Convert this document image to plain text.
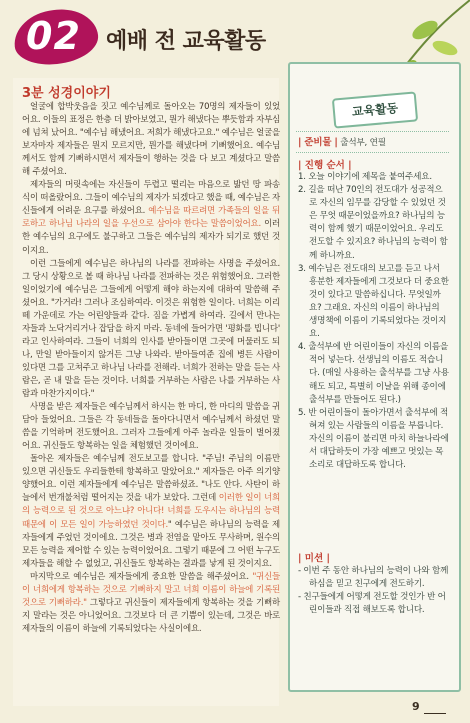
02 예배 전 교육활동
3분 성경이야기

얼굴에 합박웃음을 짓고 예수님께로 돌아오는 70명의 제자들이 있었어요. 이들의 표정은 한층 더 밝아보였고, 뭔가 해냈다는 뿌듯함과 자부심에 넘쳐 났어요. "예수님 해냈어요. 저희가 해냈다고요." 예수님은 얼굴을 보자마자 제자들은 뭔지 모르지만, 뭔가를 해냈다며 기뻐했어요. 예수님께서도 함께 기뻐하시면서 제자들이 행하는 것을 다 보고 계셨다고 말씀해 주셨어요.

제자들의 머릿속에는 자신들이 두렵고 떨리는 마음으로 밟던 땅 파송식이 떠올랐어요. 그들이 예수님의 제자가 되겠다고 했을 때, 예수님은 자신들에게 어려운 요구를 하셨어요. 예수님을 따르려면 가족들의 일을 뒤로하고 하나님 나라의 일을 우선으로 삼아야 한다는 말씀이었어요. 이러한 예수님의 요구에도 불구하고 그들은 예수님의 제자가 되기로 했던 것이지요.

이런 그들에게 예수님은 하나님의 나라를 전파하는 사명을 주셨어요. 그 당시 상황으로 볼 때 하나님 나라를 전파하는 것은 위험했어요. 그러한 일이었기에 예수님은 그들에게 어떻게 해야 하는지에 대하여 말씀해 주셨어요. "가거라! 그러나 조심하여라. 이것은 위험한 일이다. 너희는 이리떼 가운데로 가는 어린양들과 같다. 짐을 가볍게 하여라. 길에서 만나는 자들과 노닥거리거나 잡담을 하지 마라. 동네에 들어가면 '평화를 빕니다' 라고 인사하여라. 그들이 너희의 인사를 받아들이면 그곳에 머물러도 되나, 만일 받아들이지 않거든 그냥 나와라. 받아들여준 집에 병든 사람이 있다면 그를 고쳐주고 하나님 나라를 전해라. 너희가 전하는 말을 듣는 사람은, 곧 내 말을 듣는 것이다. 너희를 거부하는 사람은 나를 거부하는 사람과 마찬가지이다."

사명을 받은 제자들은 예수님께서 하시는 한 마디, 한 마디의 말씀을 귀담아 들었어요. 그들은 각 동네들을 돌아다니면서 예수님께서 하셨던 말씀을 기억하며 전도했어요. 그러자 그들에게 아주 놀라운 일들이 벌어졌어요. 귀신들도 항복하는 일을 체험했던 것이에요.

돌아온 제자들은 예수님께 전도보고를 합니다. "주님! 주님의 이름만 있으면 귀신들도 우리들한테 항복하고 말았어요." 제자들은 아주 의기양양했어요. 이런 제자들에게 예수님은 말씀하셨죠. "나도 안다. 사탄이 하늘에서 번개불처럼 떨어지는 것을 내가 보았다. 그런데 이러한 일이 너희의 능력으로 된 것으로 아느냐? 아니다! 너희를 도우시는 하나님의 능력 때문에 이 모든 일이 가능하였던 것이다." 예수님은 하나님의 능력을 제자들에게 주었던 것이에요. 그것은 병과 전염을 맡아도 무사하며, 원수의 모든 능력을 제어할 수 있는 능력이었어요. 그렇기 때문에 그 어떤 누구도 제자들을 해할 수 없었고, 귀신들도 항복하는 결과를 낳게 된 것이지요.

마지막으로 예수님은 제자들에게 중요한 말씀을 해주셨어요. "귀신들이 너희에게 항복하는 것으로 기뻐하지 말고 너희 이름이 하늘에 기록된 것으로 기뻐하라." 그렇다고 귀신들이 제자들에게 항복하는 것을 기뻐하지 말라는 것은 아니었어요. 그것보다 더 큰 기쁨이 있는데, 그것은 바로 제자들의 이름이 하늘에 기록되었다는 사실이에요.

교육활동
| 준비물 | 출석부, 연필
| 진행 순서 |
1. 오늘 이야기에 제목을 붙여주세요.
2. 길을 떠난 70인의 전도대가 성공적으로 자신의 임무를 감당할 수 있었던 것은 무엇 때문이었을까요? 하나님의 능력이 함께 했기 때문이었어요. 우리도 전도할 수 있지요? 하나님의 능력이 함께 하니까요.
3. 예수님은 전도대의 보고를 듣고 나서 흥분한 제자들에게 그것보다 더 중요한 것이 있다고 말씀하십니다. 무엇일까요? 그래요. 자신의 이름이 하나님의 생명책에 이름이 기록되었다는 것이지요.
4. 출석부에 반 어린이들이 자신의 이름을 적어 넣는다. 선생님의 이름도 적습니다. (매일 사용하는 출석부를 그냥 사용해도 되고, 특별히 이날을 위해 종이에 출석부를 만들어도 된다.)
5. 반 어린이들이 돌아가면서 출석부에 적혀져 있는 사람들의 이름을 부릅니다. 자신의 이름이 불리면 마치 하늘나라에서 대답하듯이 가장 예쁘고 멋있는 목소리로 대답하도록 합니다.
| 미션 |
- 이번 주 동안 하나님의 능력이 나와 함께 하심을 믿고 친구에게 전도하기.
- 친구들에게 어떻게 전도할 것인가 반 어린이들과 직접 해보도록 합니다.
9
